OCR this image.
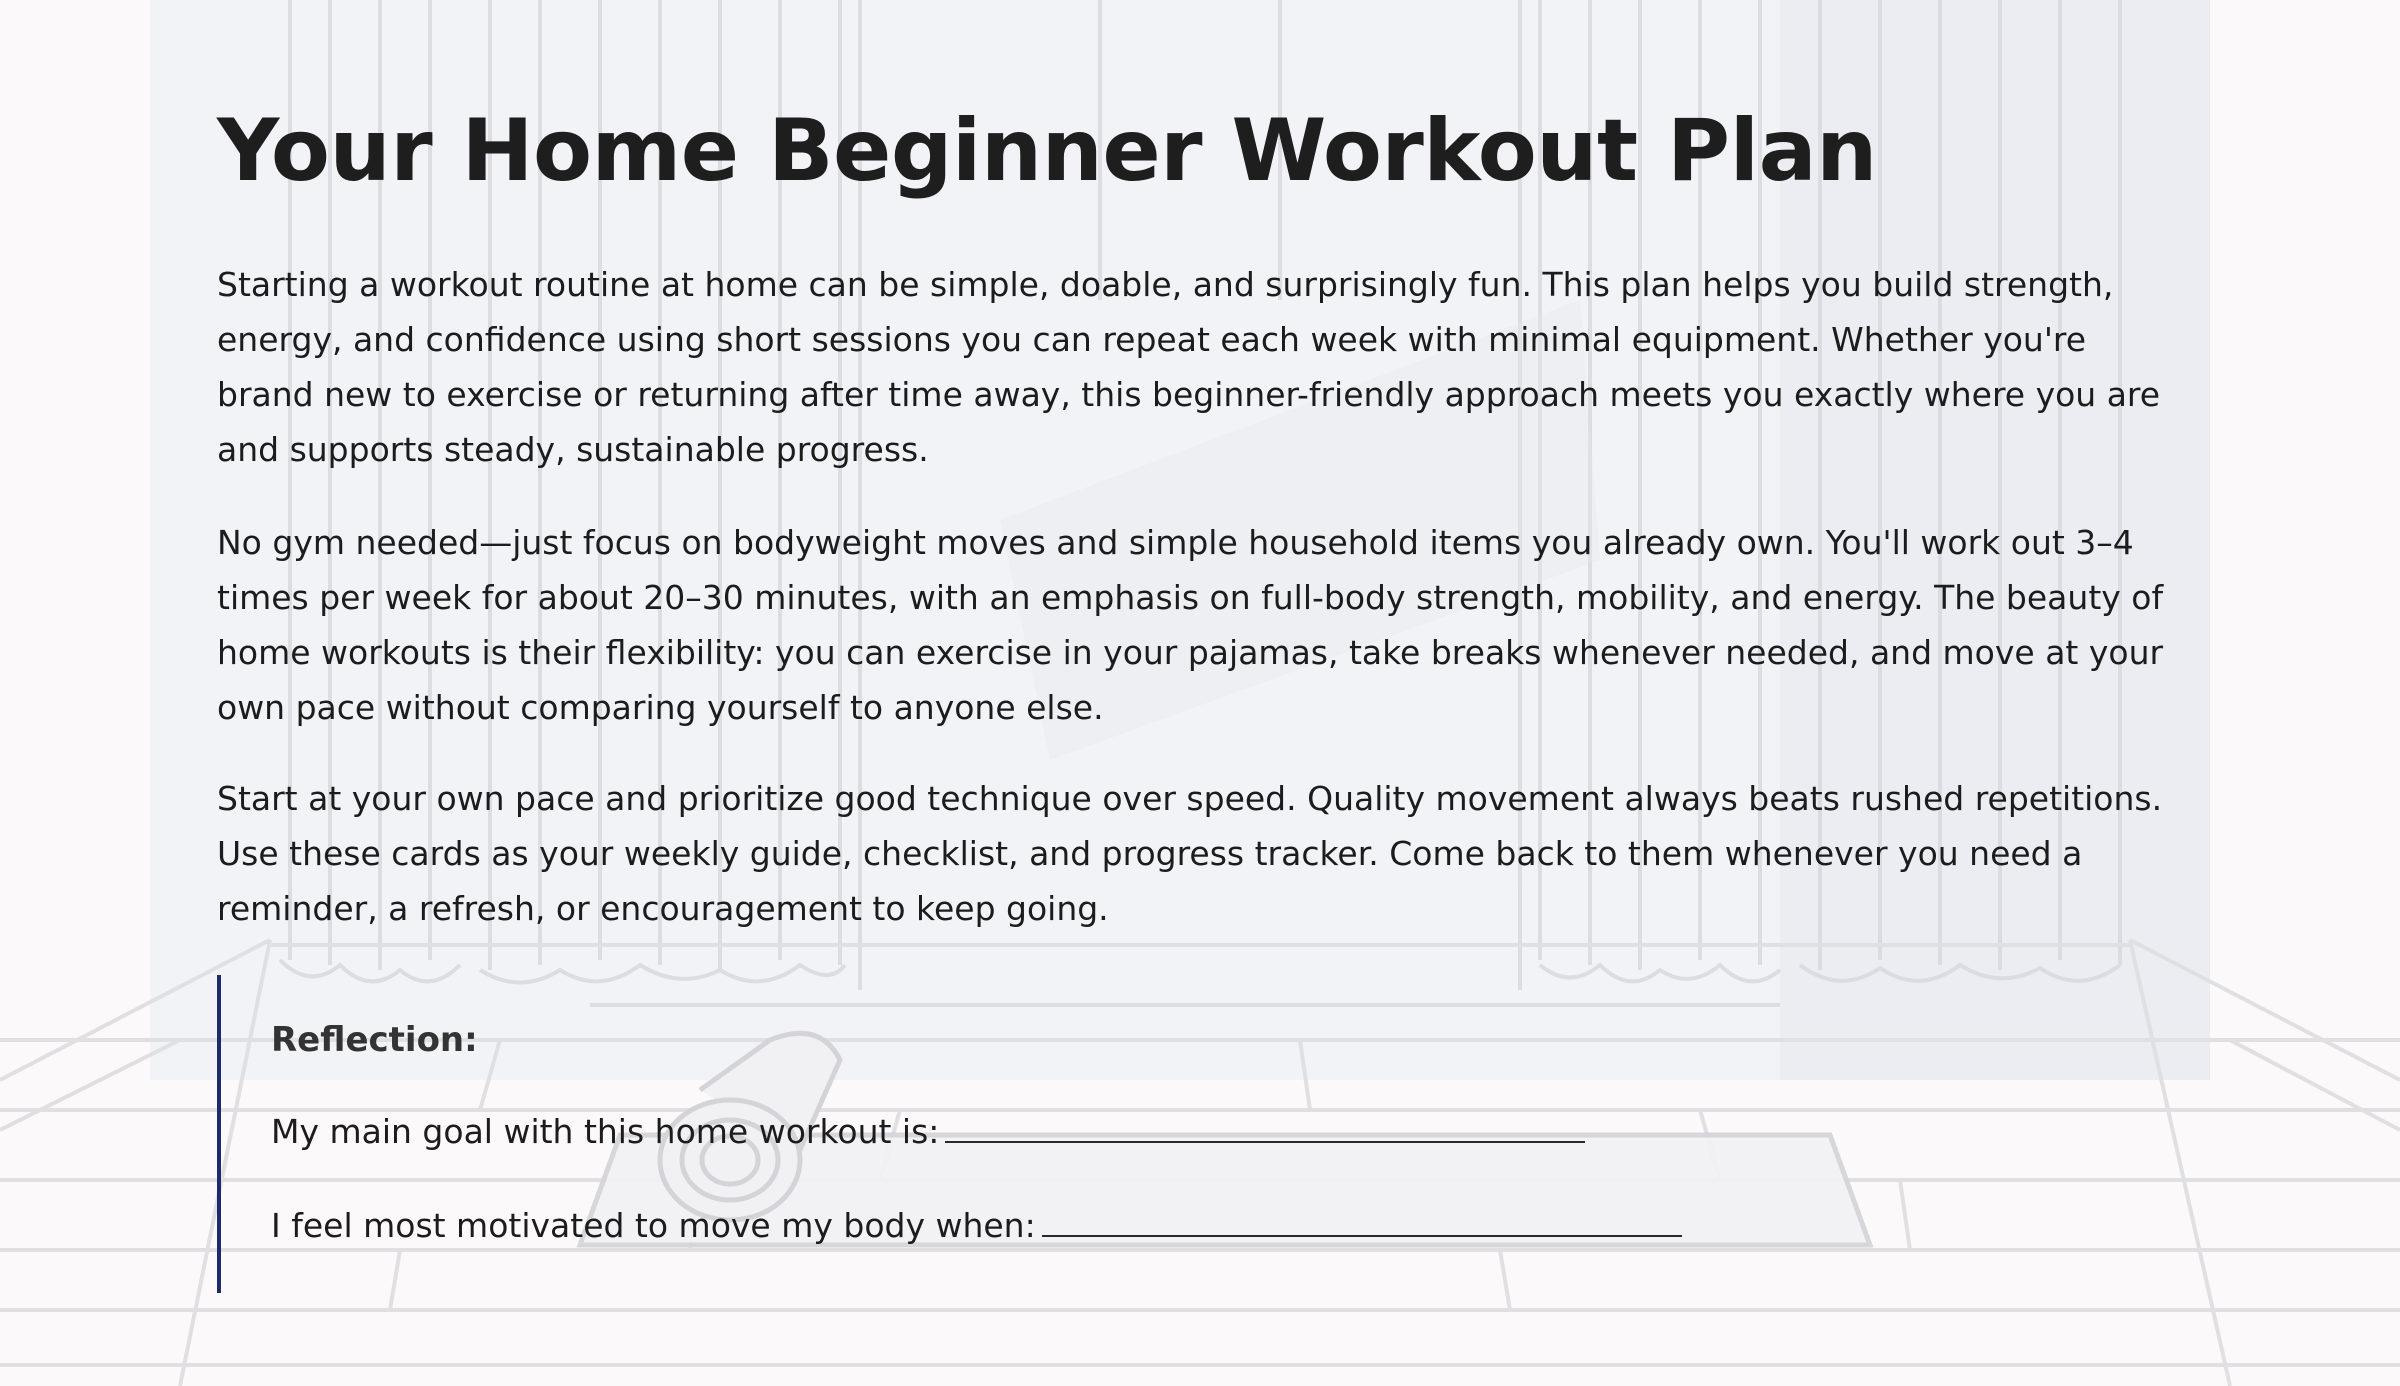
Your Home Beginner Workout Plan

Starting a workout routine at home can be simple, doable, and surprisingly fun. This plan helps you build strength, energy, and confidence using short sessions you can repeat each week with minimal equipment. Whether you're brand new to exercise or returning after time away, this beginner-friendly approach meets you exactly where you are and supports steady, sustainable progress.

No gym needed—just focus on bodyweight moves and simple household items you already own. You'll work out 3–4 times per week for about 20–30 minutes, with an emphasis on full-body strength, mobility, and energy. The beauty of home workouts is their flexibility: you can exercise in your pajamas, take breaks whenever needed, and move at your own pace without comparing yourself to anyone else.

Start at your own pace and prioritize good technique over speed. Quality movement always beats rushed repetitions. Use these cards as your weekly guide, checklist, and progress tracker. Come back to them whenever you need a reminder, a refresh, or encouragement to keep going.

Reflection:

My main goal with this home workout is:

I feel most motivated to move my body when:
